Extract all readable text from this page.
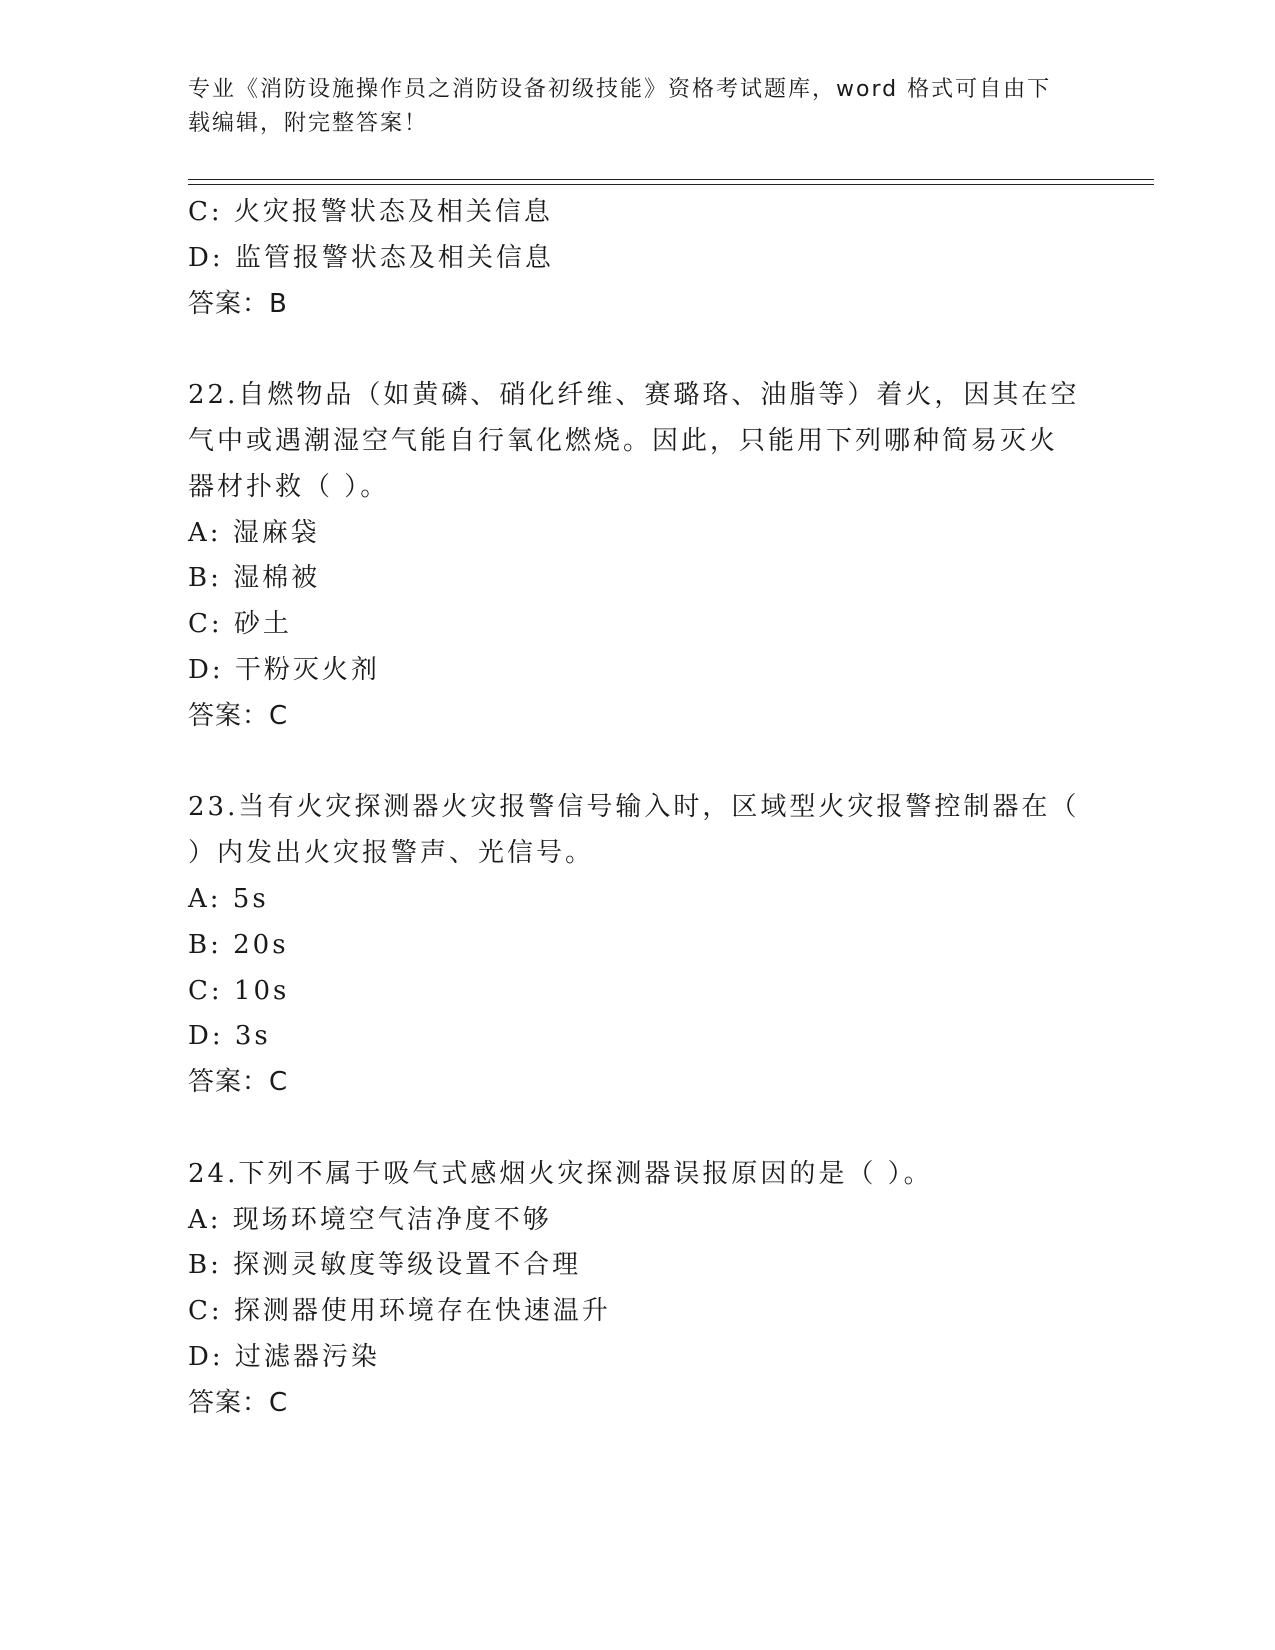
专业《消防设施操作员之消防设备初级技能》资格考试题库，word 格式可自由下
载编辑，附完整答案！
C: 火灾报警状态及相关信息
D: 监管报警状态及相关信息
答案：B
22.自燃物品（如黄磷、硝化纤维、赛璐珞、油脂等）着火，因其在空
气中或遇潮湿空气能自行氧化燃烧。因此，只能用下列哪种简易灭火
器材扑救（ ）。
A: 湿麻袋
B: 湿棉被
C: 砂土
D: 干粉灭火剂
答案：C
23.当有火灾探测器火灾报警信号输入时，区域型火灾报警控制器在（
）内发出火灾报警声、光信号。
A: 5s
B: 20s
C: 10s
D: 3s
答案：C
24.下列不属于吸气式感烟火灾探测器误报原因的是（ ）。
A: 现场环境空气洁净度不够
B: 探测灵敏度等级设置不合理
C: 探测器使用环境存在快速温升
D: 过滤器污染
答案：C
